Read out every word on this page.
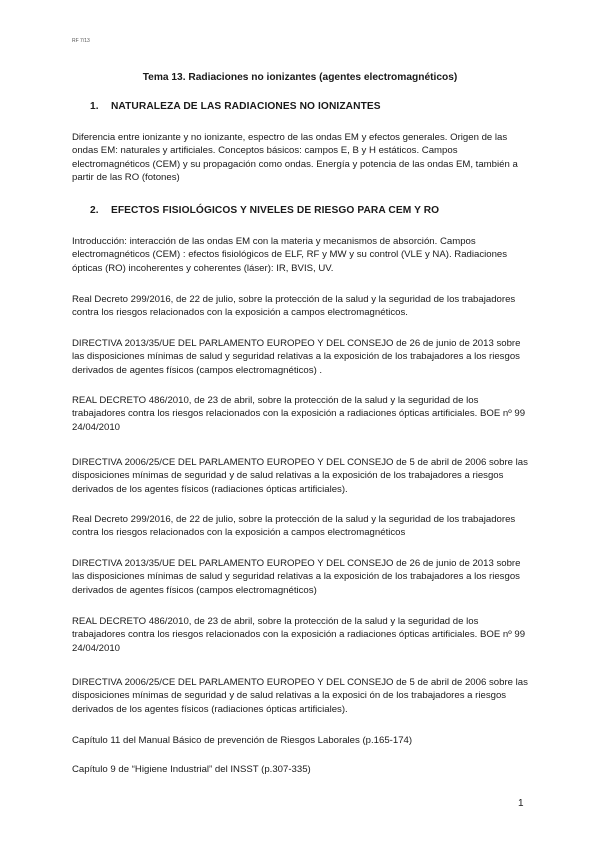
RF 7/13
Tema 13. Radiaciones no ionizantes (agentes electromagnéticos)
1. NATURALEZA DE LAS RADIACIONES NO IONIZANTES
Diferencia entre ionizante y no ionizante, espectro de las ondas EM y efectos generales. Origen de las ondas EM: naturales y artificiales. Conceptos básicos: campos E, B y H estáticos. Campos electromagnéticos (CEM) y su propagación como ondas. Energía y potencia de las ondas EM, también a partir de las RO (fotones)
2. EFECTOS FISIOLÓGICOS Y NIVELES DE RIESGO PARA CEM Y RO
Introducción: interacción de las ondas EM con la materia y mecanismos de absorción. Campos electromagnéticos (CEM) : efectos fisiológicos de ELF, RF y MW y su control (VLE y NA). Radiaciones ópticas (RO) incoherentes y coherentes (láser): IR, BVIS, UV.
Real Decreto 299/2016, de 22 de julio, sobre la protección de la salud y la seguridad de los trabajadores contra los riesgos relacionados con la exposición a campos electromagnéticos.
DIRECTIVA 2013/35/UE DEL PARLAMENTO EUROPEO Y DEL CONSEJO de 26 de junio de 2013 sobre las disposiciones mínimas de salud y seguridad relativas a la exposición de los trabajadores a los riesgos derivados de agentes físicos (campos electromagnéticos) .
REAL DECRETO 486/2010, de 23 de abril, sobre la protección de la salud y la seguridad de los trabajadores contra los riesgos relacionados con la exposición a radiaciones ópticas artificiales. BOE nº 99 24/04/2010
DIRECTIVA 2006/25/CE DEL PARLAMENTO EUROPEO Y DEL CONSEJO de 5 de abril de 2006 sobre las disposiciones mínimas de seguridad y de salud relativas a la exposición de los trabajadores a riesgos derivados de los agentes físicos (radiaciones ópticas artificiales).
Real Decreto 299/2016, de 22 de julio, sobre la protección de la salud y la seguridad de los trabajadores contra los riesgos relacionados con la exposición a campos electromagnéticos
DIRECTIVA 2013/35/UE DEL PARLAMENTO EUROPEO Y DEL CONSEJO de 26 de junio de 2013 sobre las disposiciones mínimas de salud y seguridad relativas a la exposición de los trabajadores a los riesgos derivados de agentes físicos (campos electromagnéticos)
REAL DECRETO 486/2010, de 23 de abril, sobre la protección de la salud y la seguridad de los trabajadores contra los riesgos relacionados con la exposición a radiaciones ópticas artificiales. BOE nº 99 24/04/2010
DIRECTIVA 2006/25/CE DEL PARLAMENTO EUROPEO Y DEL CONSEJO de 5 de abril de 2006 sobre las disposiciones mínimas de seguridad y de salud relativas a la exposici ón de los trabajadores a riesgos derivados de los agentes físicos (radiaciones ópticas artificiales).
Capítulo 11 del Manual Básico de prevención de Riesgos Laborales (p.165-174)
Capítulo 9 de “Higiene Industrial” del INSST (p.307-335)
1
